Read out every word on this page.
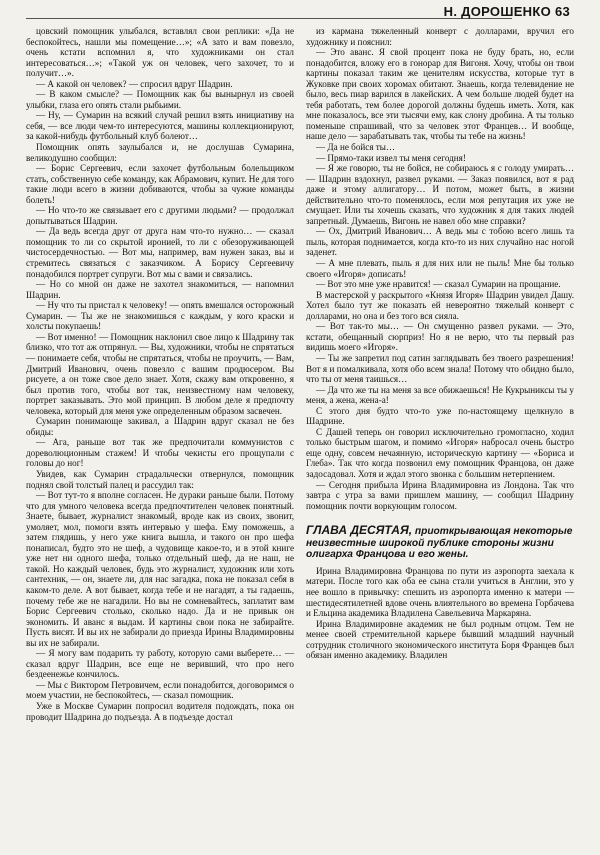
Н. ДОРОШЕНКО 63

цовский помощник улыбался, вставлял свои реплики: «Да не беспокойтесь, нашли мы помещение…»; «А зато и вам повезло, очень кстати вспомнил я, что художниками он стал интересоваться…»; «Такой уж он человек, чего захочет, то и получит…».

— А какой он человек? — спросил вдруг Шадрин.

— В каком смысле? — Помощник как бы вынырнул из своей улыбки, глаза его опять стали рыбьими.

— Ну, — Сумарин на всякий случай решил взять инициативу на себя, — все люди чем-то интересуются, машины коллекционируют, за какой-нибудь футбольный клуб болеют…

Помощник опять заулыбался и, не дослушав Сумарина, великодушно сообщил:

— Борис Сергеевич, если захочет футбольным болельщиком стать, собственную себе команду, как Абрамович, купит. Не для того такие люди всего в жизни добиваются, чтобы за чужие команды болеть!

— Но что-то же связывает его с другими людьми? — продолжал допытываться Шадрин.

— Да ведь всегда друг от друга нам что-то нужно… — сказал помощник то ли со скрытой иронией, то ли с обезоруживающей чистосердечностью. — Вот мы, например, вам нужен заказ, вы и стремитесь связаться с заказчиком. А Борису Сергеевичу понадобился портрет супруги. Вот мы с вами и связались.

— Но со мной он даже не захотел знакомиться, — напомнил Шадрин.

— Ну что ты пристал к человеку! — опять вмешался осторожный Сумарин. — Ты же не знакомишься с каждым, у кого краски и холсты покупаешь!

— Вот именно! — Помощник наклонил свое лицо к Шадрину так близко, что тот аж отпрянул. — Вы, художники, чтобы не спрятаться — понимаете себя, чтобы не спрятаться, чтобы не проучить, — Вам, Дмитрий Иванович, очень повезло с вашим продюсером. Вы рисуете, а он тоже свое дело знает. Хотя, скажу вам откровенно, я был против того, чтобы вот так, неизвестному нам человеку, портрет заказывать. Это мой принцип. В любом деле я предпочту человека, который для меня уже определенным образом засвечен.

Сумарин понимающе закивал, а Шадрин вдруг сказал не без обиды:

— Ага, раньше вот так же предпочитали коммунистов с дореволюционным стажем! И чтобы чекисты его прощупали с головы до ног!

Увидев, как Сумарин страдальчески отвернулся, помощник поднял свой толстый палец и рассудил так:

— Вот тут-то я вполне согласен. Не дураки раньше были. Потому что для умного человека всегда предпочтителен человек понятный. Знаете, бывает, журналист знакомый, вроде как из своих, звонит, умоляет, мол, помоги взять интервью у шефа. Ему поможешь, а затем глядишь, у него уже книга вышла, и такого он про шефа понаписал, будто это не шеф, а чудовище какое-то, и в этой книге уже нет ни одного шефа, только отдельный шеф, да не наш, не такой. Но каждый человек, будь это журналист, художник или хоть сантехник, — он, знаете ли, для нас загадка, пока не показал себя в каком-то деле. А вот бывает, когда тебе и не нагадят, а ты гадаешь, почему тебе же не нагадили. Но вы не сомневайтесь, заплатит вам Борис Сергеевич столько, сколько надо. Да и не привык он экономить. И аванс я выдам. И картины свои пока не забирайте. Пусть висят. И вы их не забирали до приезда Ирины Владимировны вы их не забирали.

— Я могу вам подарить ту работу, которую сами выберете… — сказал вдруг Шадрин, все еще не веривший, что про него бездеенежье кончилось.

— Мы с Виктором Петровичем, если понадобится, договоримся о моем участии, не беспокойтесь, — сказал помощник.

Уже в Москве Сумарин попросил водителя подождать, пока он проводит Шадрина до подъезда. А в подъезде достал

из кармана тяжеленный конверт с долларами, вручил его художнику и пояснил:

— Это аванс. Я свой процент пока не буду брать, но, если понадобится, вложу его в гонорар для Вигоня. Хочу, чтобы он твои картины показал таким же ценителям искусства, которые тут в Жуковке при своих хоромах обитают. Знаешь, когда телевидение не было, весь пиар варился в лакейских. А чем больше людей будет на тебя работать, тем более дорогой должны будешь иметь. Хотя, как мне показалось, все эти тысячи ему, как слону дробина. А ты только поменьше спрашивай, что за человек этот Францев… И вообще, наше дело — зарабатывать так, чтобы ты тебе на жизнь!

— Да не бойся ты…

— Прямо-таки извел ты меня сегодня!

— Я же говорю, ты не бойся, не собираюсь я с голоду умирать… — Шадрин вздохнул, развел руками. — Заказ появился, вот я рад даже и этому аллигатору… И потом, может быть, в жизни действительно что-то поменялось, если моя репутация их уже не смущает. Или ты хочешь сказать, что художник я для таких людей запретный. Думаешь, Вигонь не навел обо мне справки?

— Ох, Дмитрий Иванович… А ведь мы с тобою всего лишь та пыль, которая поднимается, когда кто-то из них случайно нас ногой заденет.

— А мне плевать, пыль я для них или не пыль! Мне бы только своего «Игоря» дописать!

— Вот это мне уже нравится! — сказал Сумарин на прощание.

В мастерской у раскрытого «Князя Игоря» Шадрин увидел Дашу. Хотел было тут же показать ей невероятно тяжелый конверт с долларами, но она и без того вся сияла.

— Вот так-то мы… — Он смущенно развел руками. — Это, кстати, обещанный сюрприз! Но я не верю, что ты первый раз видишь моего «Игоря».

— Ты же запретил под сатин заглядывать без твоего разрешения! Вот я и помалкивала, хотя обо всем знала! Потому что обидно было, что ты от меня таишься…

— Да что же ты на меня за все обижаешься! Не Кукрыниксы ты у меня, а жена, жена-а!

С этого дня будто что-то уже по-настоящему щелкнуло в Шадрине.

С Дашей теперь он говорил исключительно громогласно, ходил только быстрым шагом, и помимо «Игоря» набросал очень быстро еще одну, совсем нечаянную, историческую картину — «Бориса и Глеба». Так что когда позвонил ему помощник Францова, он даже задосадовал. Хотя и ждал этого звонка с большим нетерпением.

— Сегодня прибыла Ирина Владимировна из Лондона. Так что завтра с утра за вами пришлем машину, — сообщил Шадрину помощник почти воркующим голосом.

ГЛАВА ДЕСЯТАЯ, приоткрывающая некоторые неизвестные широкой публике стороны жизни олигарха Францова и его жены.

Ирина Владимировна Францова по пути из аэропорта заехала к матери. После того как оба ее сына стали учиться в Англии, это у нее вошло в привычку: спешить из аэропорта именно к матери — шестидесятилетней вдове очень влиятельного во времена Горбачева и Ельцина академика Владилена Савельевича Маркаряна.

Ирина Владимировне академик не был родным отцом. Тем не менее своей стремительной карьере бывший младший научный сотрудник столичного экономического института Боря Францев был обязан именно академику. Владилен
